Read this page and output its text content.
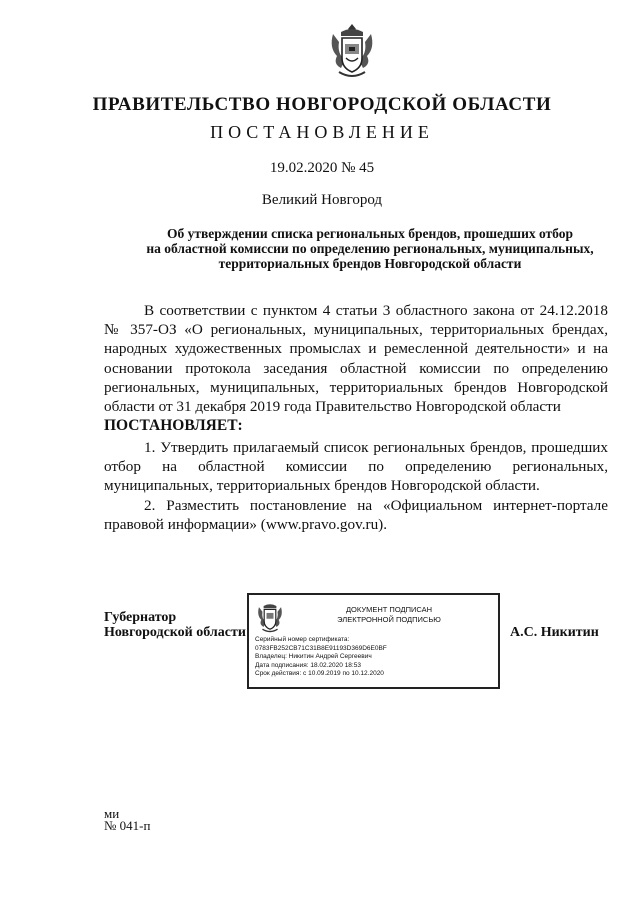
ПРАВИТЕЛЬСТВО НОВГОРОДСКОЙ ОБЛАСТИ
ПОСТАНОВЛЕНИЕ
19.02.2020 № 45
Великий Новгород
Об утверждении списка региональных брендов, прошедших отбор
на областной комиссии по определению региональных, муниципальных,
территориальных брендов Новгородской области

В соответствии с пунктом 4 статьи 3 областного закона от 24.12.2018 № 357-ОЗ «О региональных, муниципальных, территориальных брендах, народных художественных промыслах и ремесленной деятельности» и на основании протокола заседания областной комиссии по определению региональных, муниципальных, территориальных брендов Новгородской области от 31 декабря 2019 года Правительство Новгородской области

ПОСТАНОВЛЯЕТ:

1. Утвердить прилагаемый список региональных брендов, прошедших отбор на областной комиссии по определению региональных, муниципальных, территориальных брендов Новгородской области.

2. Разместить постановление на «Официальном интернет-портале правовой информации» (www.pravo.gov.ru).

Губернатор
Новгородской области
ДОКУМЕНТ ПОДПИСАН
ЭЛЕКТРОННОЙ ПОДПИСЬЮ
Серийный номер сертификата:
0783FB252CB71C31B8E91193D369D6E0BF
Владелец: Никитин Андрей Сергеевич
Дата подписания: 18.02.2020 18:53
Срок действия: с 10.09.2019 по 10.12.2020
А.С. Никитин
ми
№ 041-п
